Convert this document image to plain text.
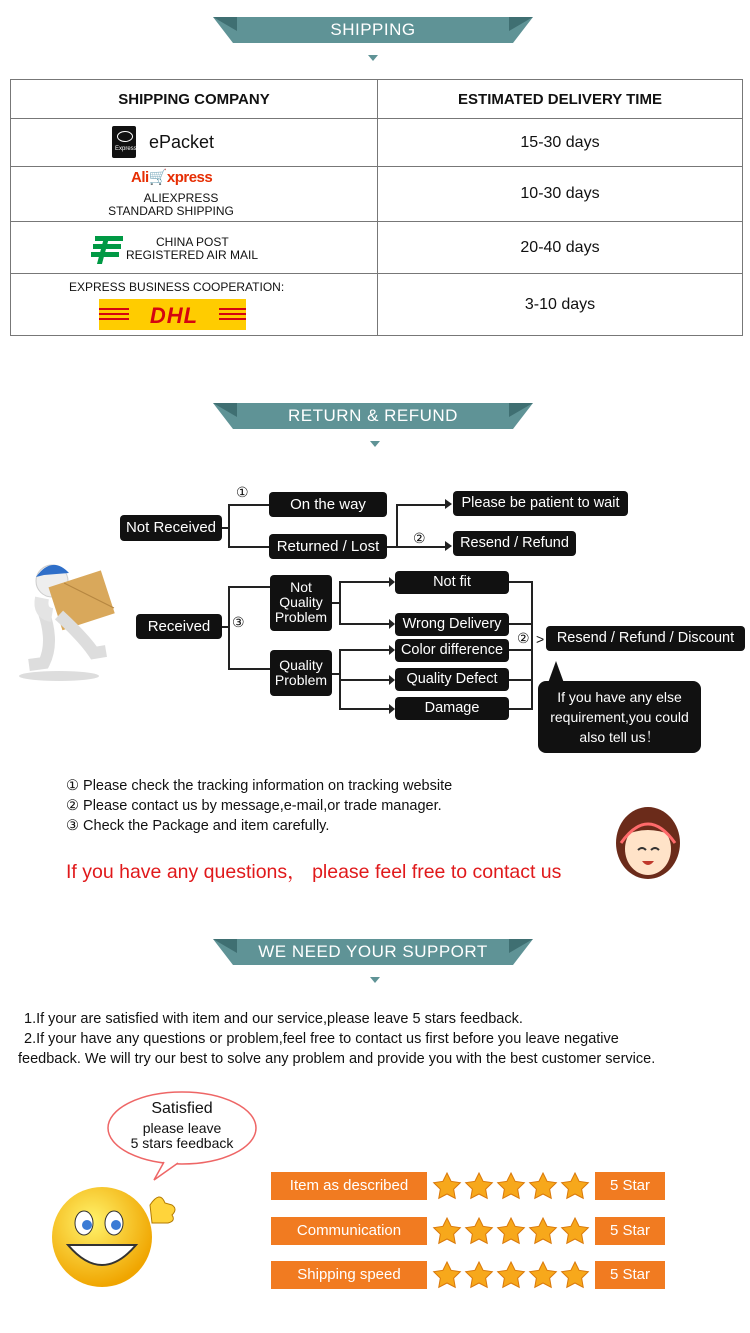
SHIPPING
SHIPPING COMPANY	ESTIMATED DELIVERY TIME

Express ePacket	15-30 days

Ali🛒xpress
ALIEXPRESS
STANDARD SHIPPING	10-30 days

CHINA POST
REGISTERED AIR MAIL	20-40 days

EXPRESS BUSINESS COOPERATION:
DHL	3-10 days
RETURN & REFUND
Not Received
①
On the way
Returned / Lost	②
Please be patient to wait
Resend / Refund
Received	③
Not Quality Problem
Quality Problem
Not fit
Wrong Delivery
Color difference
Quality Defect
Damage
② > Resend / Refund / Discount
If you have any else requirement,you could also tell us！
① Please check the tracking information on tracking website
② Please contact us by message,e-mail,or trade manager.
③ Check the Package and item carefully.
If you have any questions， please feel free to contact us
WE NEED YOUR SUPPORT
1.If your are satisfied with item and our service,please leave 5 stars feedback.
2.If your have any questions or problem,feel free to contact us first before you leave negative
feedback. We will try our best to solve any problem and provide you with the best customer service.
Satisfied
please leave
5 stars feedback
Item as described	5 Star
Communication	5 Star
Shipping speed	5 Star
